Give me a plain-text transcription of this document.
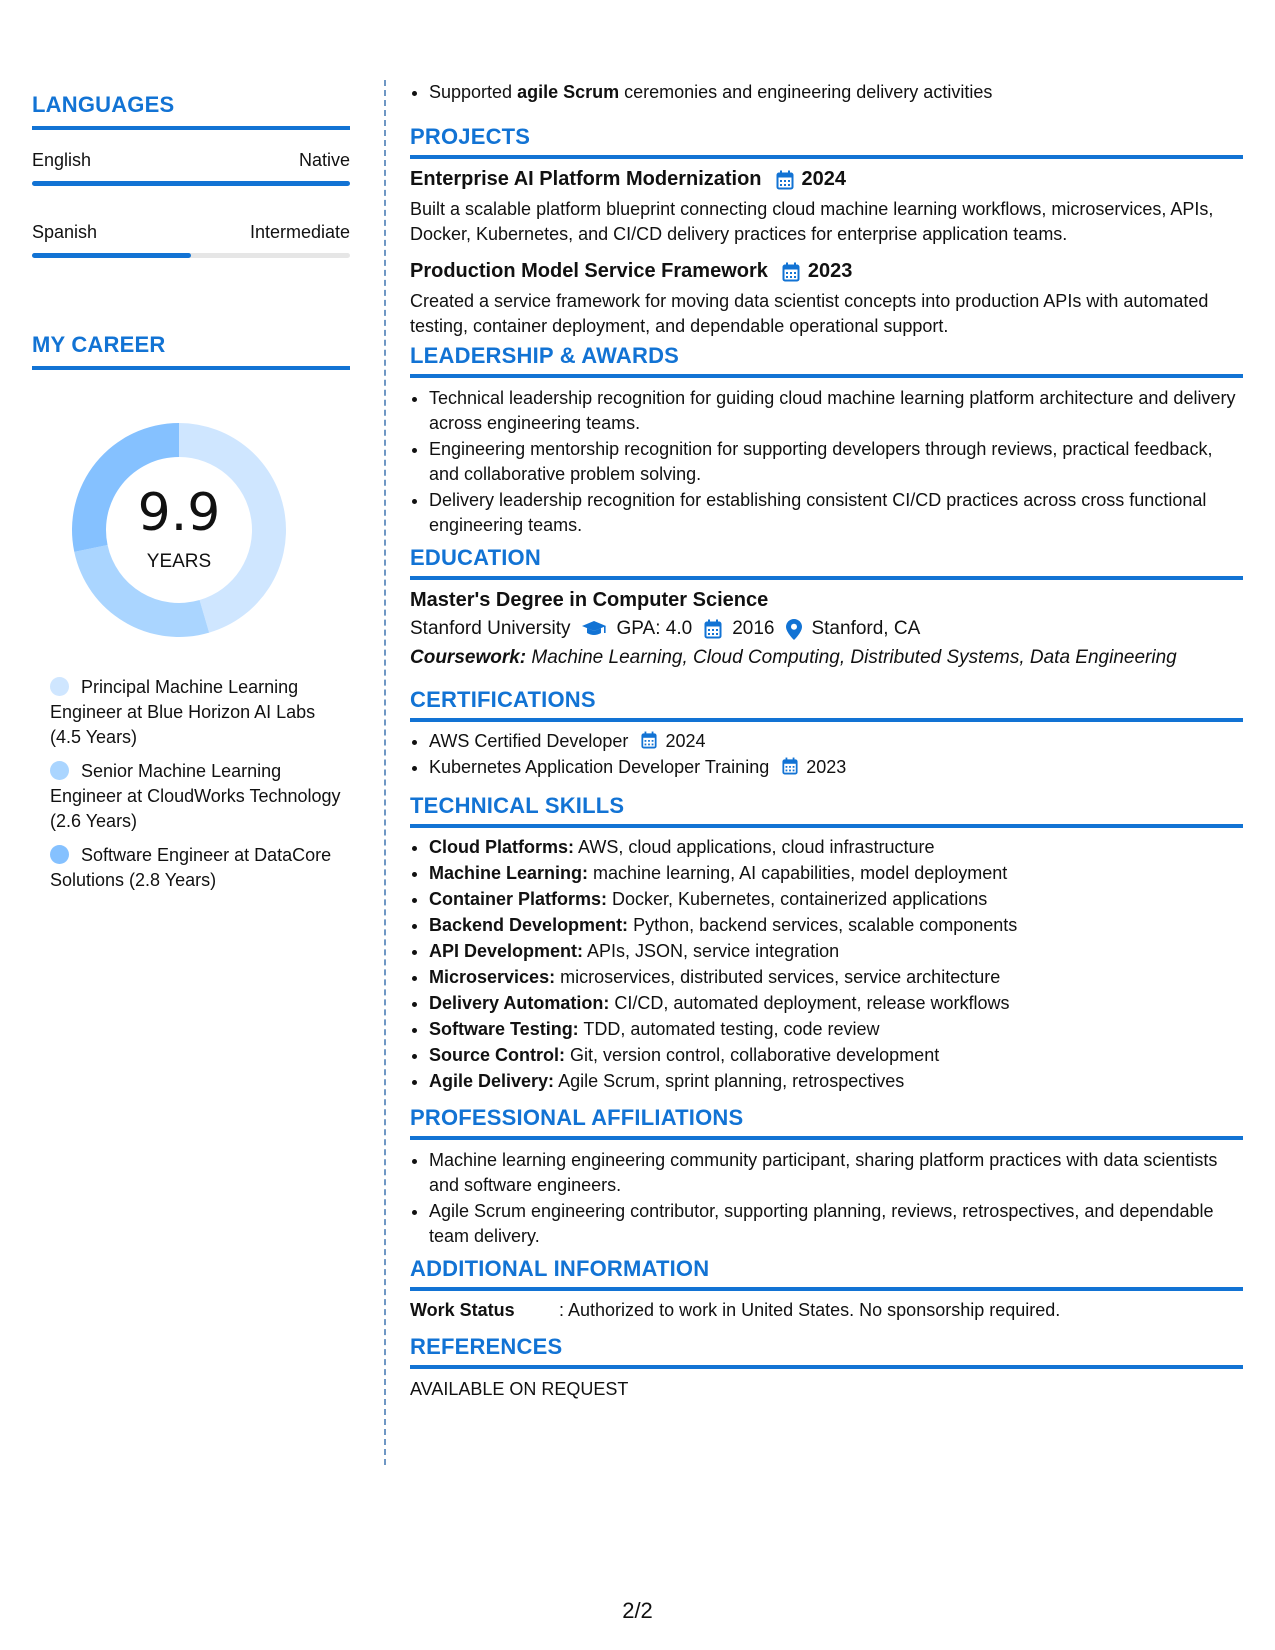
LANGUAGES
English	Native
Spanish	Intermediate
MY CAREER
9.9
YEARS
Principal Machine Learning Engineer at Blue Horizon AI Labs (4.5 Years)
Senior Machine Learning Engineer at CloudWorks Technology (2.6 Years)
Software Engineer at DataCore Solutions (2.8 Years)
• Supported agile Scrum ceremonies and engineering delivery activities
PROJECTS
Enterprise AI Platform Modernization 2024
Built a scalable platform blueprint connecting cloud machine learning workflows, microservices, APIs, Docker, Kubernetes, and CI/CD delivery practices for enterprise application teams.
Production Model Service Framework 2023
Created a service framework for moving data scientist concepts into production APIs with automated testing, container deployment, and dependable operational support.
LEADERSHIP & AWARDS
• Technical leadership recognition for guiding cloud machine learning platform architecture and delivery across engineering teams.
• Engineering mentorship recognition for supporting developers through reviews, practical feedback, and collaborative problem solving.
• Delivery leadership recognition for establishing consistent CI/CD practices across cross functional engineering teams.
EDUCATION
Master's Degree in Computer Science
Stanford University GPA: 4.0 2016 Stanford, CA
Coursework: Machine Learning, Cloud Computing, Distributed Systems, Data Engineering
CERTIFICATIONS
• AWS Certified Developer 2024
• Kubernetes Application Developer Training 2023
TECHNICAL SKILLS
• Cloud Platforms: AWS, cloud applications, cloud infrastructure
• Machine Learning: machine learning, AI capabilities, model deployment
• Container Platforms: Docker, Kubernetes, containerized applications
• Backend Development: Python, backend services, scalable components
• API Development: APIs, JSON, service integration
• Microservices: microservices, distributed services, service architecture
• Delivery Automation: CI/CD, automated deployment, release workflows
• Software Testing: TDD, automated testing, code review
• Source Control: Git, version control, collaborative development
• Agile Delivery: Agile Scrum, sprint planning, retrospectives
PROFESSIONAL AFFILIATIONS
• Machine learning engineering community participant, sharing platform practices with data scientists and software engineers.
• Agile Scrum engineering contributor, supporting planning, reviews, retrospectives, and dependable team delivery.
ADDITIONAL INFORMATION
Work Status	: Authorized to work in United States. No sponsorship required.
REFERENCES
AVAILABLE ON REQUEST
2/2
